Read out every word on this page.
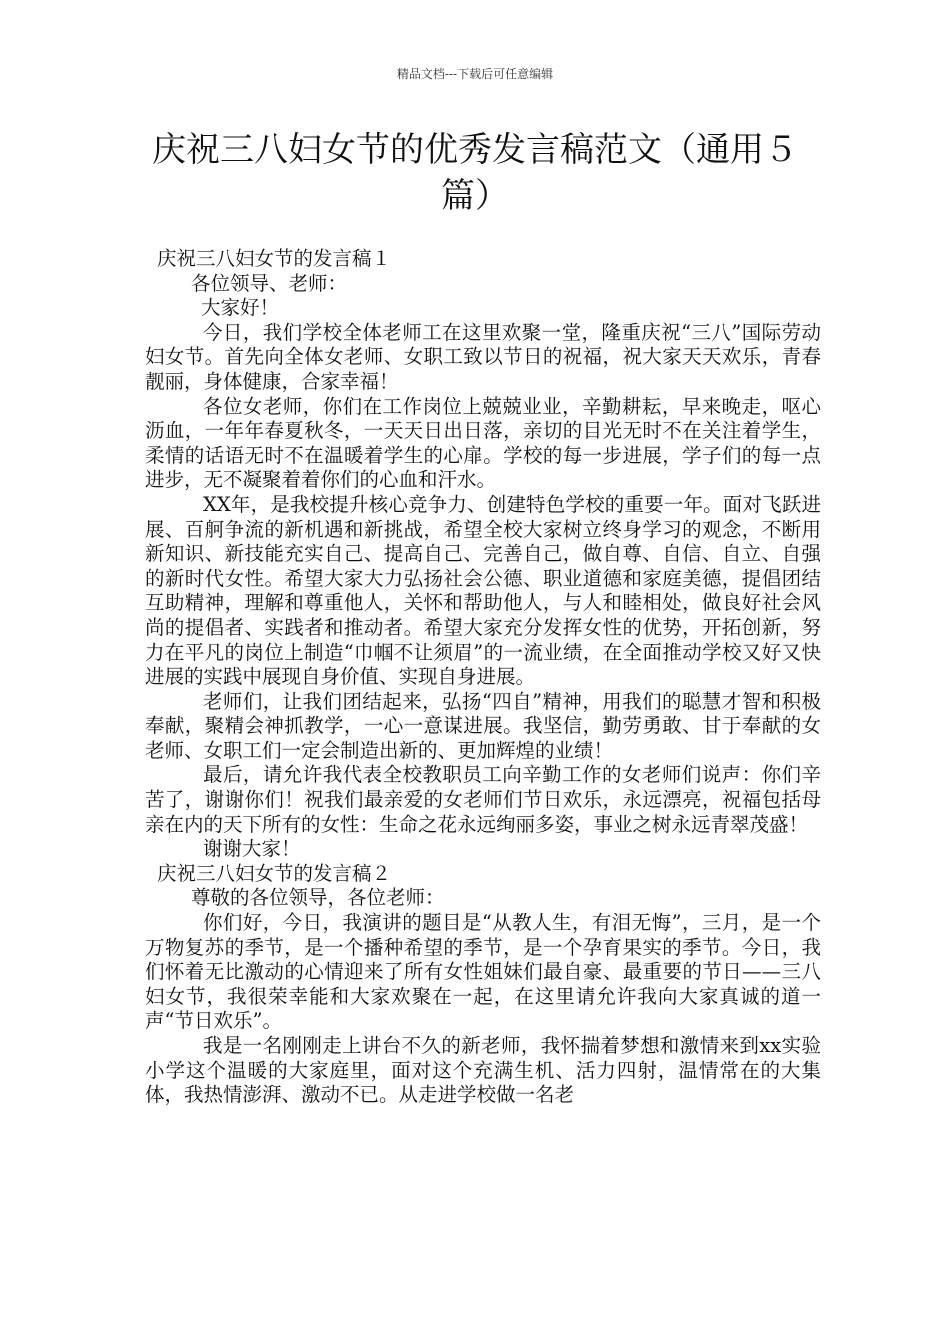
精品文档---下载后可任意编辑
庆祝三八妇女节的优秀发言稿范文（通用５篇）

庆祝三八妇女节的发言稿１

各位领导、老师：

大家好！

今日，我们学校全体老师工在这里欢聚一堂，隆重庆祝“三八”国际劳动妇女节。首先向全体女老师、女职工致以节日的祝福，祝大家天天欢乐，青春靓丽，身体健康，合家幸福！

各位女老师，你们在工作岗位上兢兢业业，辛勤耕耘，早来晚走，呕心沥血，一年年春夏秋冬，一天天日出日落，亲切的目光无时不在关注着学生，柔情的话语无时不在温暖着学生的心扉。学校的每一步进展，学子们的每一点进步，无不凝聚着着你们的心血和汗水。

XX年，是我校提升核心竞争力、创建特色学校的重要一年。面对飞跃进展、百舸争流的新机遇和新挑战，希望全校大家树立终身学习的观念，不断用新知识、新技能充实自己、提高自己、完善自己，做自尊、自信、自立、自强的新时代女性。希望大家大力弘扬社会公德、职业道德和家庭美德，提倡团结互助精神，理解和尊重他人，关怀和帮助他人，与人和睦相处，做良好社会风尚的提倡者、实践者和推动者。希望大家充分发挥女性的优势，开拓创新，努力在平凡的岗位上制造“巾帼不让须眉”的一流业绩，在全面推动学校又好又快进展的实践中展现自身价值、实现自身进展。

老师们，让我们团结起来，弘扬“四自”精神，用我们的聪慧才智和积极奉献，聚精会神抓教学，一心一意谋进展。我坚信，勤劳勇敢、甘于奉献的女老师、女职工们一定会制造出新的、更加辉煌的业绩！

最后，请允许我代表全校教职员工向辛勤工作的女老师们说声：你们辛苦了，谢谢你们！祝我们最亲爱的女老师们节日欢乐，永远漂亮，祝福包括母亲在内的天下所有的女性：生命之花永远绚丽多姿，事业之树永远青翠茂盛！

谢谢大家！

庆祝三八妇女节的发言稿２

尊敬的各位领导，各位老师：

你们好，今日，我演讲的题目是“从教人生，有泪无悔”，三月，是一个万物复苏的季节，是一个播种希望的季节，是一个孕育果实的季节。今日，我们怀着无比激动的心情迎来了所有女性姐妹们最自豪、最重要的节日——三八妇女节，我很荣幸能和大家欢聚在一起，在这里请允许我向大家真诚的道一声“节日欢乐”。

我是一名刚刚走上讲台不久的新老师，我怀揣着梦想和激情来到xx实验小学这个温暖的大家庭里，面对这个充满生机、活力四射，温情常在的大集体，我热情澎湃、激动不已。从走进学校做一名老
